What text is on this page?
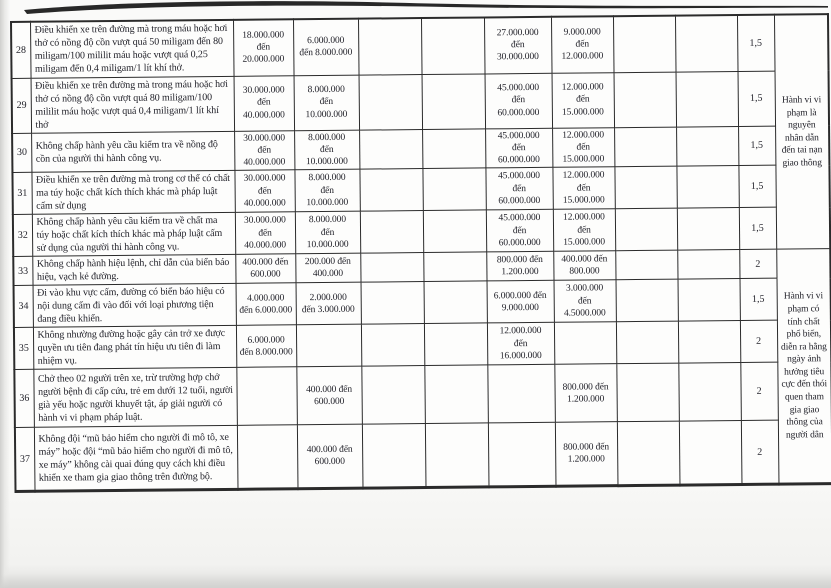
28	Điều khiển xe trên đường mà trong máu hoặc hơi thở có nồng độ cồn vượt quá 50 miligam đến 80 miligam/100 mililit máu hoặc vượt quá 0,25 miligam đến 0,4 miligam/1 lít khí thở.	18.000.000
đến
20.000.000	6.000.000
đến 8.000.000			27.000.000
đến
30.000.000	9.000.000
đến
12.000.000			1,5	Hành vi vi phạm là nguyên nhân dẫn đến tai nạn giao thông
29	Điều khiển xe trên đường mà trong máu hoặc hơi thở có nồng độ cồn vượt quá 80 miligam/100 mililit máu hoặc vượt quá 0,4 miligam/1 lít khí thở	30.000.000
đến
40.000.000	8.000.000
đến
10.000.000			45.000.000
đến
60.000.000	12.000.000
đến
15.000.000			1,5	
30	Không chấp hành yêu cầu kiểm tra về nồng độ cồn của người thi hành công vụ.	30.000.000
đến
40.000.000	8.000.000
đến
10.000.000			45.000.000
đến
60.000.000	12.000.000
đến
15.000.000			1,5	
31	Điều khiển xe trên đường mà trong cơ thể có chất ma túy hoặc chất kích thích khác mà pháp luật cấm sử dụng	30.000.000
đến
40.000.000	8.000.000
đến
10.000.000			45.000.000
đến
60.000.000	12.000.000
đến
15.000.000			1,5	
32	Không chấp hành yêu cầu kiểm tra về chất ma túy hoặc chất kích thích khác mà pháp luật cấm sử dụng của người thi hành công vụ.	30.000.000
đến
40.000.000	8.000.000
đến
10.000.000			45.000.000
đến
60.000.000	12.000.000
đến
15.000.000			1,5	
33	Không chấp hành hiệu lệnh, chỉ dẫn của biển báo hiệu, vạch kẻ đường.	400.000 đến
600.000	200.000 đến
400.000			800.000 đến
1.200.000	400.000 đến
800.000			2	Hành vi vi phạm có tính chất phổ biến, diễn ra hằng ngày ảnh hưởng tiêu cực đến thói quen tham gia giao thông của người dân
34	Đi vào khu vực cấm, đường có biển báo hiệu có nội dung cấm đi vào đối với loại phương tiện đang điều khiển.	4.000.000
đến 6.000.000	2.000.000
đến 3.000.000			6.000.000 đến
9.000.000	3.000.000
đến
4.5000.000			1,5	
35	Không nhường đường hoặc gây cản trở xe được quyền ưu tiên đang phát tín hiệu ưu tiên đi làm nhiệm vụ.	6.000.000
đến 8.000.000				12.000.000
đến
16.000.000				2	
36	Chở theo 02 người trên xe, trừ trường hợp chở người bệnh đi cấp cứu, trẻ em dưới 12 tuổi, người già yếu hoặc người khuyết tật, áp giải người có hành vi vi phạm pháp luật.		400.000 đến
600.000				800.000 đến
1.200.000			2	
37	Không đội “mũ bảo hiểm cho người đi mô tô, xe máy” hoặc đội “mũ bảo hiểm cho người đi mô tô, xe máy” không cài quai đúng quy cách khi điều khiển xe tham gia giao thông trên đường bộ.		400.000 đến
600.000				800.000 đến
1.200.000			2	
